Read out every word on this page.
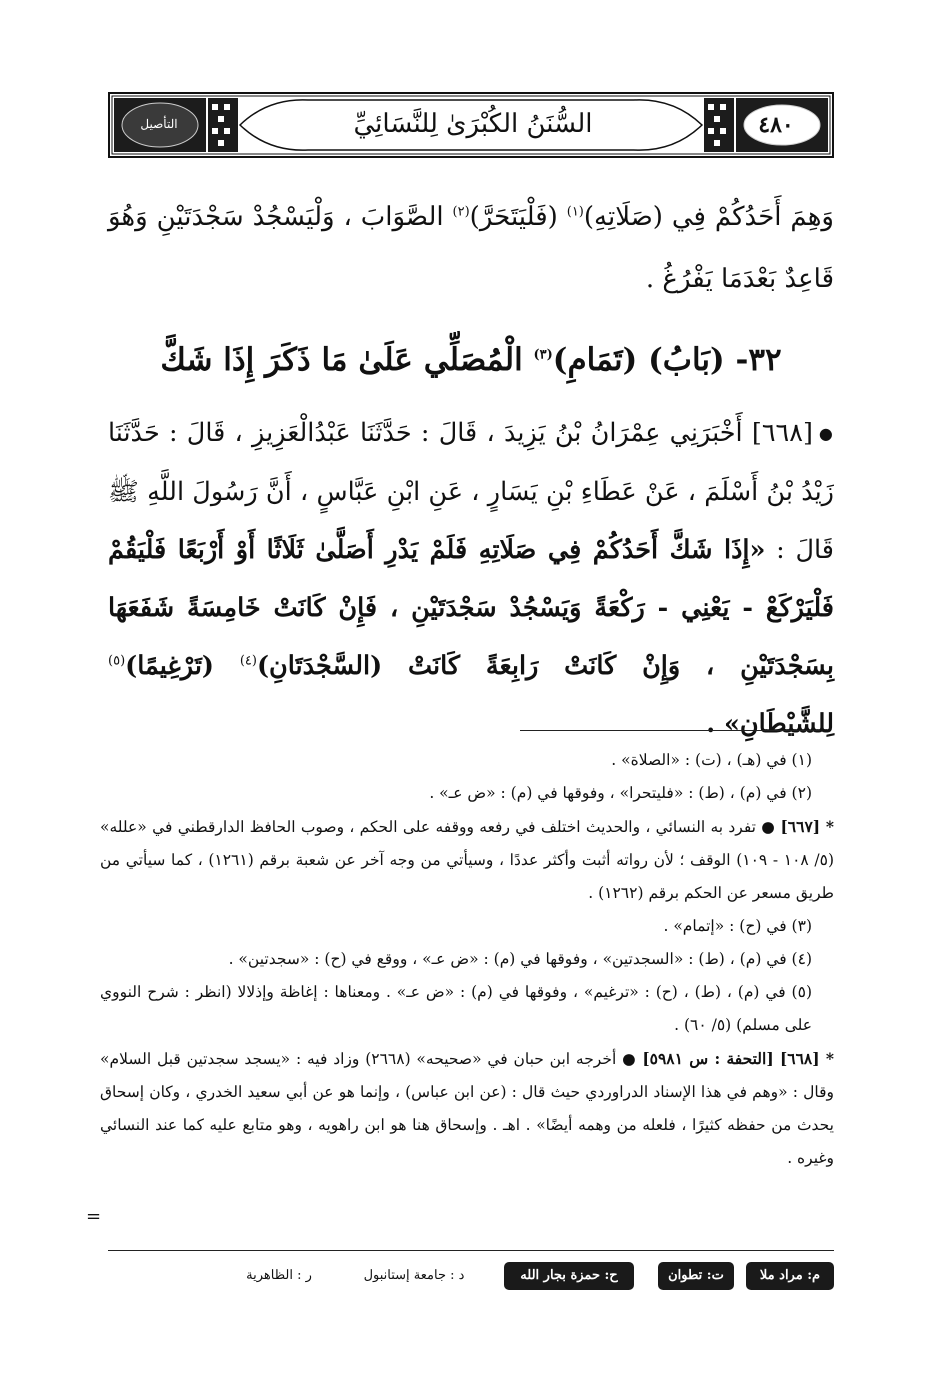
٤٨٠
السُّنَنُ الكُبْرَىٰ لِلنَّسَائِيِّ
التأصيل
وَهِمَ أَحَدُكُمْ فِي (صَلَاتِهِ)$^{(١)}$ (فَلْيَتَحَرَّ)$^{(٢)}$ الصَّوَابَ ، وَلْيَسْجُدْ سَجْدَتَيْنِ وَهُوَ قَاعِدٌ بَعْدَمَا يَفْرُغُ .
٣٢- (بَابُ) (تَمَامِ)$^{(٣)}$ الْمُصَلِّي عَلَىٰ مَا ذَكَرَ إِذَا شَكَّ
●[٦٦٨] أَخْبَرَنِي عِمْرَانُ بْنُ يَزِيدَ ، قَالَ : حَدَّثَنَا عَبْدُالْعَزِيزِ ، قَالَ : حَدَّثَنَا زَيْدُ بْنُ أَسْلَمَ ، عَنْ عَطَاءِ بْنِ يَسَارٍ ، عَنِ ابْنِ عَبَّاسٍ ، أَنَّ رَسُولَ اللَّهِ ﷺ قَالَ : «إِذَا شَكَّ أَحَدُكُمْ فِي صَلَاتِهِ فَلَمْ يَدْرِ أَصَلَّىٰ ثَلَاثًا أَوْ أَرْبَعًا فَلْيَقُمْ فَلْيَرْكَعْ - يَعْنِي - رَكْعَةً وَيَسْجُدْ سَجْدَتَيْنِ ، فَإِنْ كَانَتْ خَامِسَةً شَفَعَهَا بِسَجْدَتَيْنِ ، وَإِنْ كَانَتْ رَابِعَةً كَانَتْ (السَّجْدَتَانِ)$^{(٤)}$ (تَرْغِيمًا)$^{(٥)}$ لِلشَّيْطَانِ» .
(١) في (هـ) ، (ت) : «الصلاة» .
(٢) في (م) ، (ط) : «فليتحرا» ، وفوقها في (م) : «ض عـ» .
* [٦٦٧] ● تفرد به النسائي ، والحديث اختلف في رفعه ووقفه على الحكم ، وصوب الحافظ الدارقطني في «علله» (٥/ ١٠٨ - ١٠٩) الوقف ؛ لأن رواته أثبت وأكثر عددًا ، وسيأتي من وجه آخر عن شعبة برقم (١٢٦١) ، كما سيأتي من طريق مسعر عن الحكم برقم (١٢٦٢) .
(٣) في (ح) : «إتمام» .
(٤) في (م) ، (ط) : «السجدتين» ، وفوقها في (م) : «ض عـ» ، ووقع في (ح) : «سجدتين» .
(٥) في (م) ، (ط) ، (ح) : «ترغيم» ، وفوقها في (م) : «ض عـ» . ومعناها : إغاظة وإذلالا (انظر : شرح النووي على مسلم) (٥/ ٦٠) .
* [٦٦٨] [التحفة : س ٥٩٨١] ● أخرجه ابن حبان في «صحيحه» (٢٦٦٨) وزاد فيه : «يسجد سجدتين قبل السلام» وقال : «وهم في هذا الإسناد الدراوردي حيث قال : (عن ابن عباس) ، وإنما هو عن أبي سعيد الخدري ، وكان إسحاق يحدث من حفظه كثيرًا ، فلعله من وهمه أيضًا» . اهـ . وإسحاق هنا هو ابن راهويه ، وهو متابع عليه كما عند النسائي وغيره .
=
م: مراد ملا
ت: تطوان
ح: حمزة بجار الله
د : جامعة إستانبول
ر : الظاهرية
